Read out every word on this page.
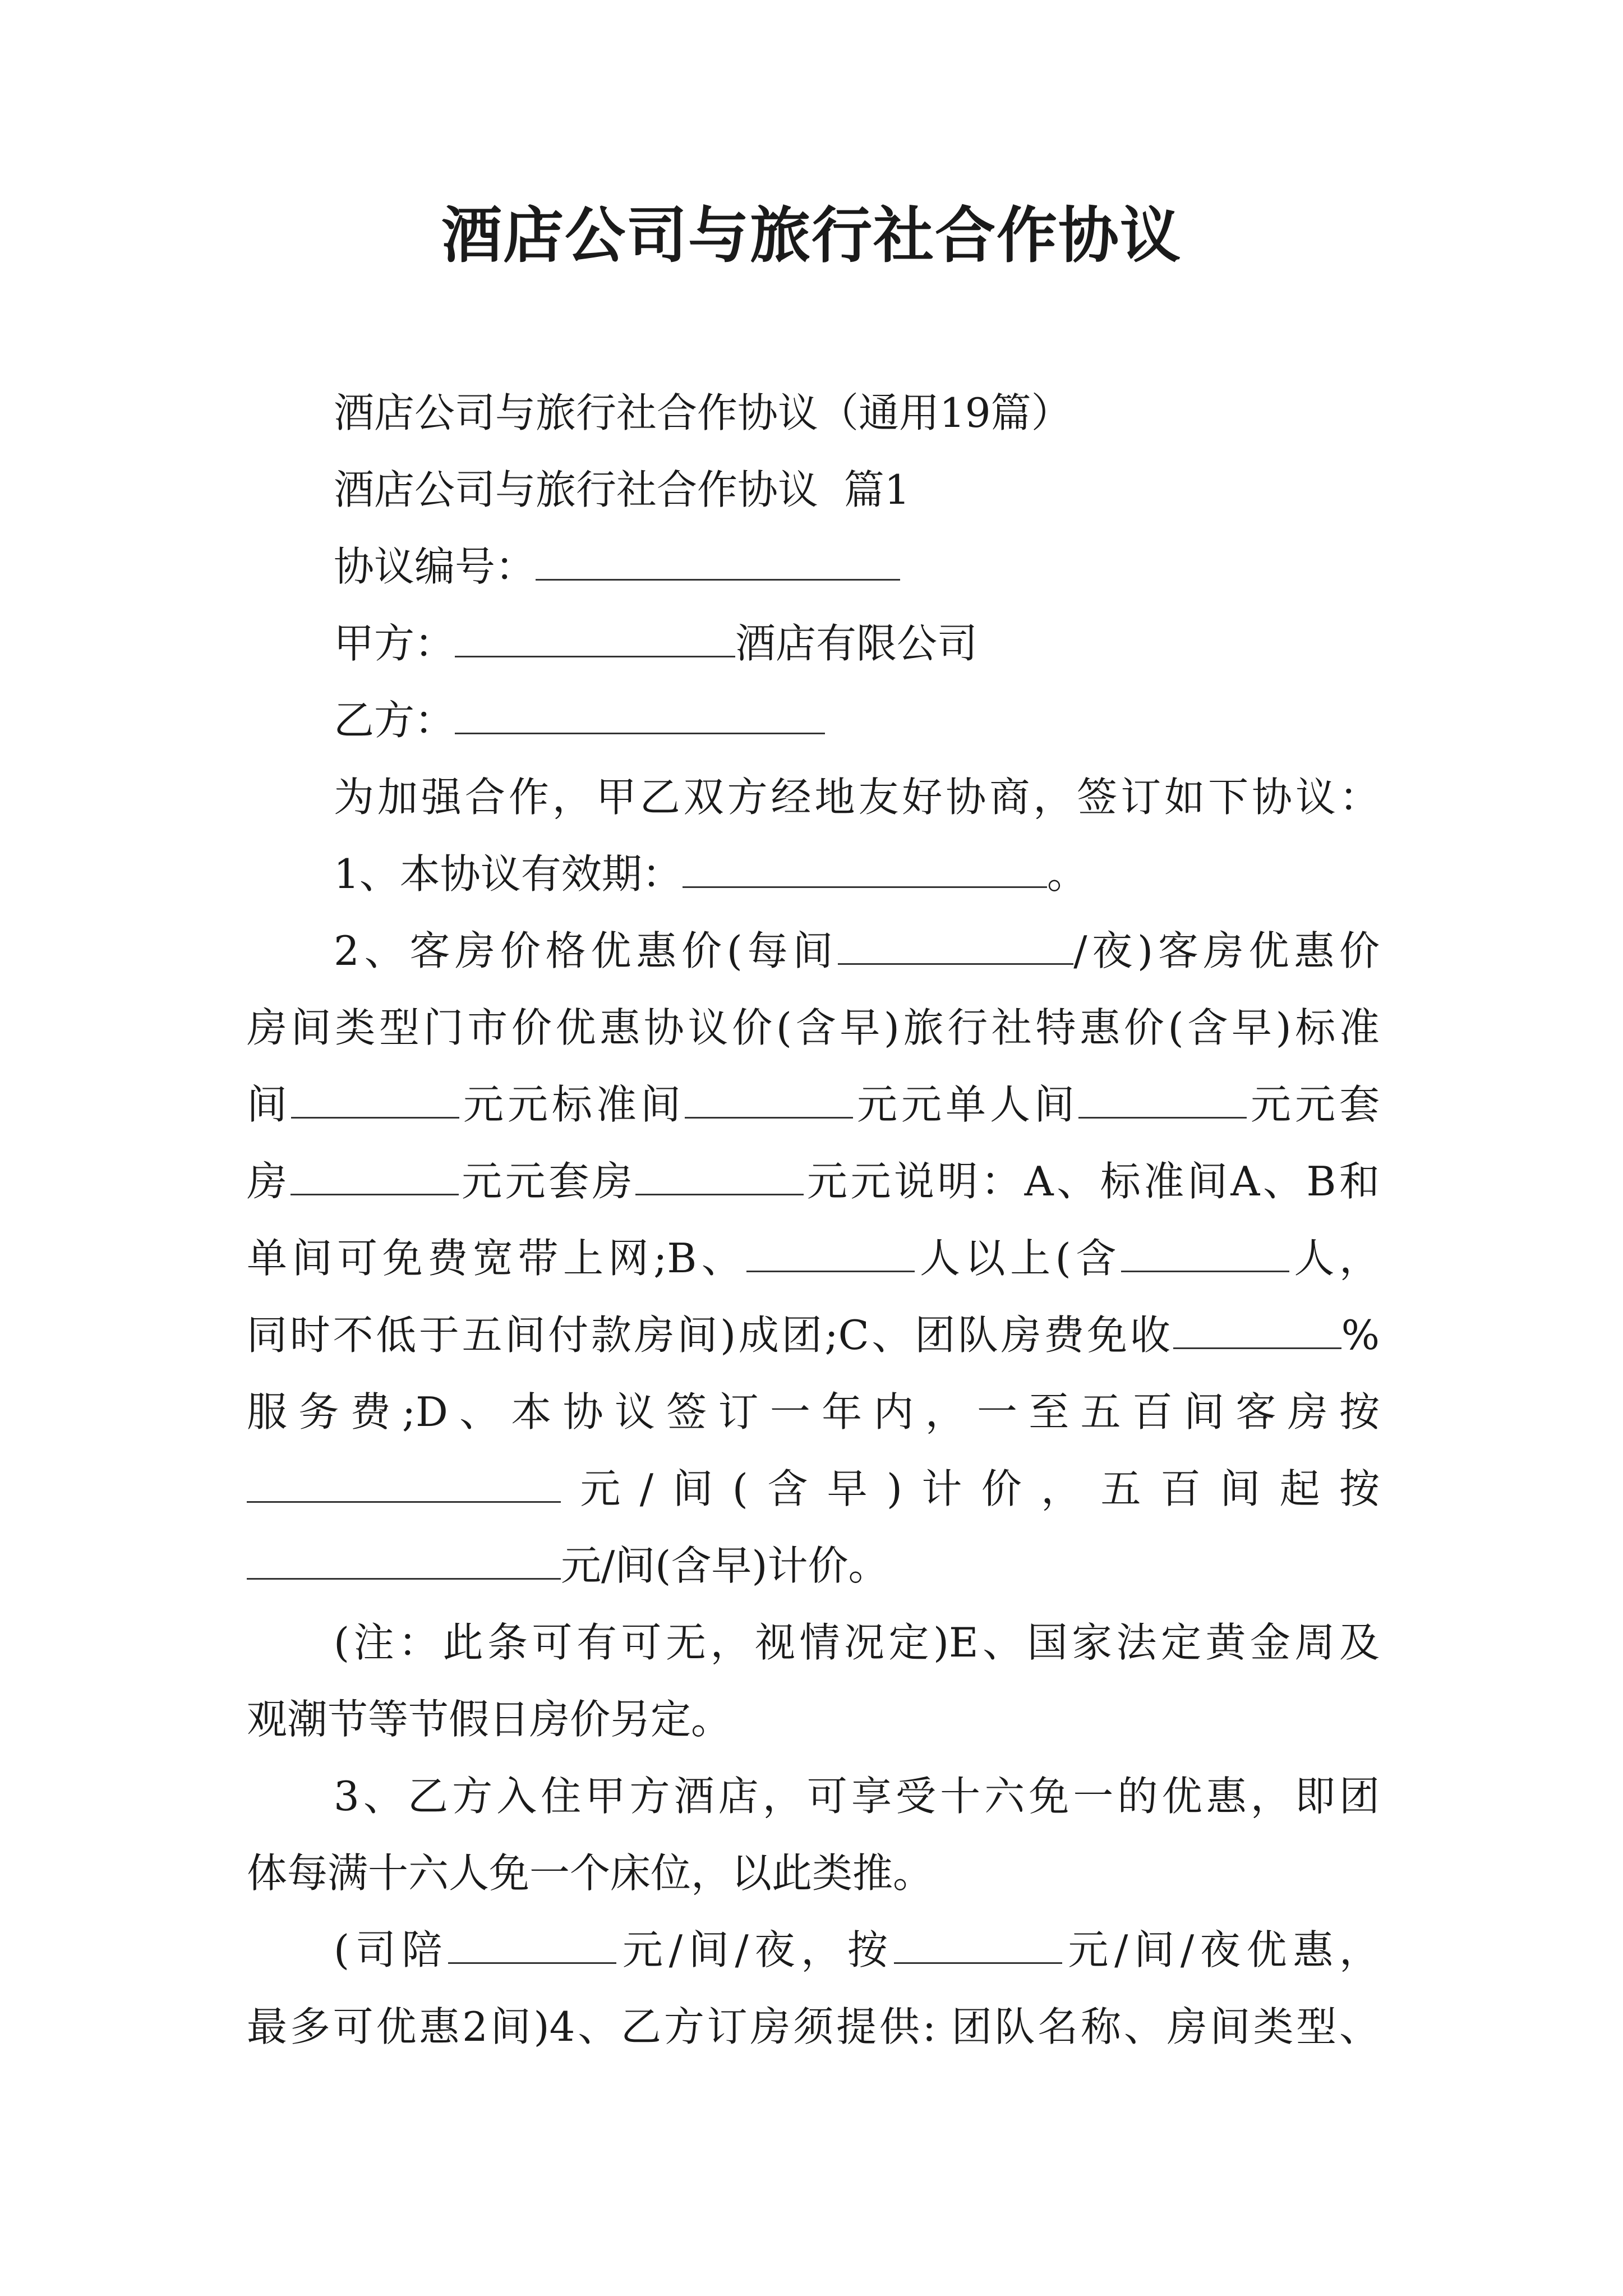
酒店公司与旅行社合作协议
酒店公司与旅行社合作协议（通用19篇）
酒店公司与旅行社合作协议  篇1
协议编号：
甲方：	酒店有限公司
乙方：
为加强合作，甲乙双方经地友好协商，签订如下协议：
1、本协议有效期：	。
2、客房价格优惠价(每间	/夜)客房优惠价
房间类型门市价优惠协议价(含早)旅行社特惠价(含早)标准
间	元元标准间	元元单人间	元元套
房	元元套房	元元说明：A、标准间A、B和
单间可免费宽带上网;B、	人以上(含	人，
同时不低于五间付款房间)成团;C、团队房费免收	%
服务费;D、本协议签订一年内，一至五百间客房按
元/间(含早)计价，五百间起按
元/间(含早)计价。
(注：此条可有可无，视情况定)E、国家法定黄金周及
观潮节等节假日房价另定。
3、乙方入住甲方酒店，可享受十六免一的优惠，即团
体每满十六人免一个床位，以此类推。
(司陪	元/间/夜，按	元/间/夜优惠，
最多可优惠2间)4、乙方订房须提供: 团队名称、房间类型、
